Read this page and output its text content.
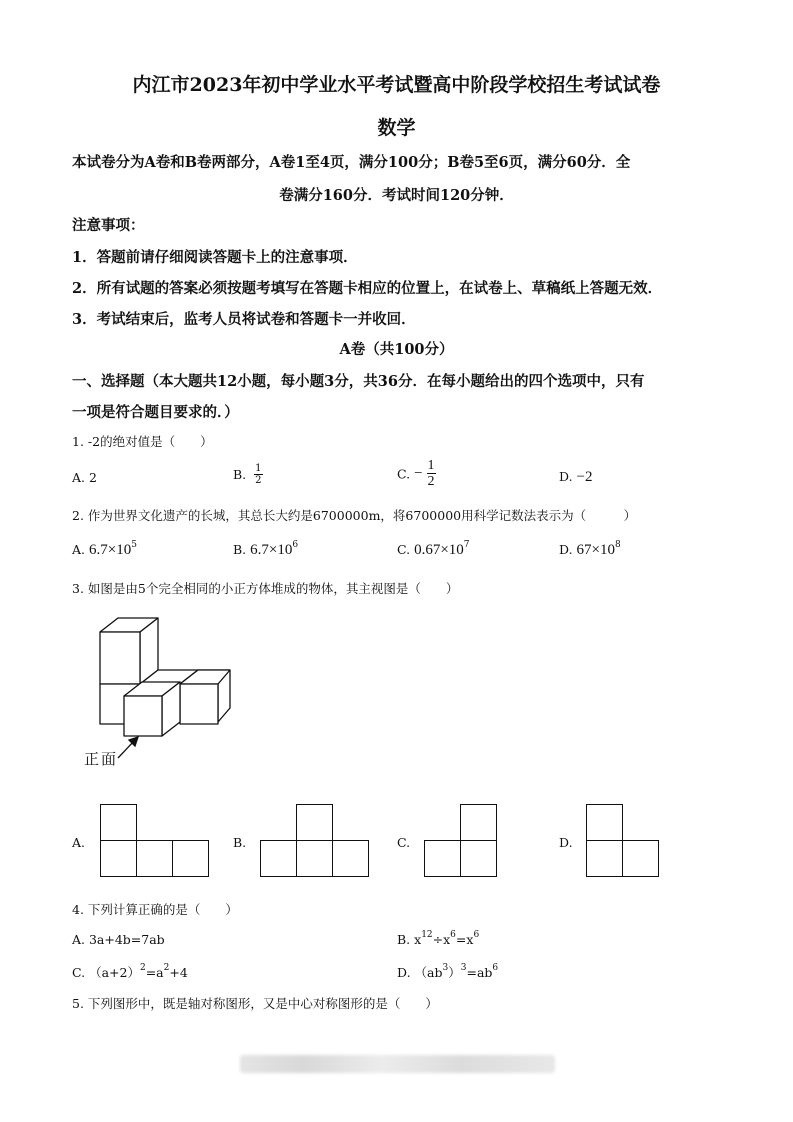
内江市2023年初中学业水平考试暨高中阶段学校招生考试试卷
数学
本试卷分为A卷和B卷两部分，A卷1至4页，满分100分；B卷5至6页，满分60分．全
卷满分160分．考试时间120分钟．
注意事项：
1．答题前请仔细阅读答题卡上的注意事项．
2．所有试题的答案必须按题考填写在答题卡相应的位置上，在试卷上、草稿纸上答题无效．
3．考试结束后，监考人员将试卷和答题卡一并收回．
A卷（共100分）
一、选择题（本大题共12小题，每小题3分，共36分．在每小题给出的四个选项中，只有
一项是符合题目要求的．）
1. -2的绝对值是（　　）
A. 2	B. $\frac{1}{2}$	C. − $\frac{1}{2}$	D. −2
2. 作为世界文化遗产的长城，其总长大约是6700000m，将6700000用科学记数法表示为（　　　）
A. $6.7\times 10^5$	B. $6.7\times 10^6$	C. $0.67\times 10^7$	D. $67\times 10^8$
3. 如图是由5个完全相同的小正方体堆成的物体，其主视图是（　　）
正面
A.	B.	C.	D.
4. 下列计算正确的是（　　）
A. 3a+4b=7ab	B. $x^{12}\div x^6=x^6$
C. $(a+2)^2=a^2+4$	D. $(ab^3)^3=ab^6$
5. 下列图形中，既是轴对称图形，又是中心对称图形的是（　　）
